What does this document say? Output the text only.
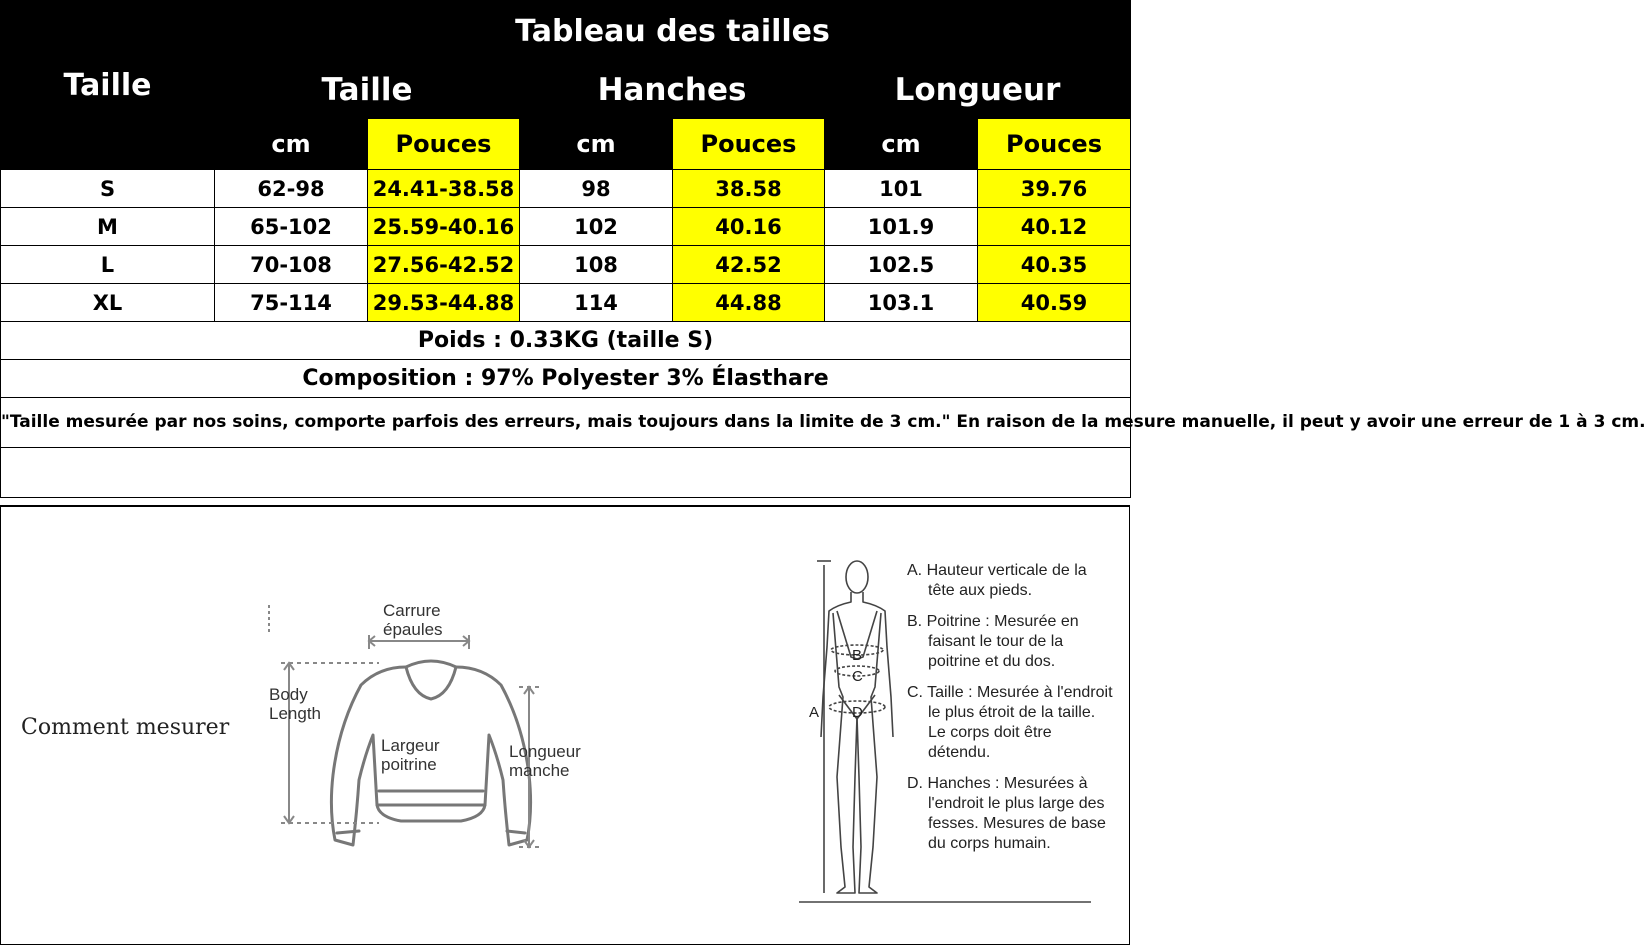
Taille	Tableau des tailles					
	Taille		Hanches		Longueur	
	cm	Pouces	cm	Pouces	cm	Pouces
S	62-98	24.41-38.58	98	38.58	101	39.76
M	65-102	25.59-40.16	102	40.16	101.9	40.12
L	70-108	27.56-42.52	108	42.52	102.5	40.35
XL	75-114	29.53-44.88	114	44.88	103.1	40.59
Poids : 0.33KG (taille S)						
Composition : 97% Polyester 3% Élasthare						
"Taille mesurée par nos soins, comporte parfois des erreurs, mais toujours dans la limite de 3 cm." En raison de la mesure manuelle, il peut y avoir une erreur de 1 à 3 cm.						

Comment mesurer
Carrure
épaules
Body
Length
Largeur
poitrine
Longueur
manche
B
C
D
A

A. Hauteur verticale de la tête aux pieds.

B. Poitrine : Mesurée en faisant le tour de la poitrine et du dos.

C. Taille : Mesurée à l'endroit le plus étroit de la taille. Le corps doit être détendu.

D. Hanches : Mesurées à l'endroit le plus large des fesses. Mesures de base du corps humain.
